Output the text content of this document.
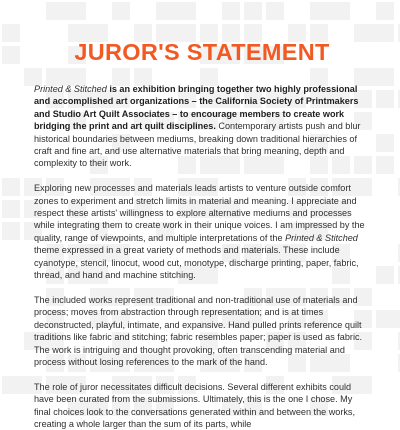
JUROR'S STATEMENT

Printed & Stitched is an exhibition bringing together two highly professional and accomplished art organizations – the California Society of Printmakers and Studio Art Quilt Associates – to encourage members to create work bridging the print and art quilt disciplines. Contemporary artists push and blur historical boundaries between mediums, breaking down traditional hierarchies of craft and fine art, and use alternative materials that bring meaning, depth and complexity to their work.

Exploring new processes and materials leads artists to venture outside comfort zones to experiment and stretch limits in material and meaning. I appreciate and respect these artists' willingness to explore alternative mediums and processes while integrating them to create work in their unique voices. I am impressed by the quality, range of viewpoints, and multiple interpretations of the Printed & Stitched theme expressed in a great variety of methods and materials. These include cyanotype, stencil, linocut, wood cut, monotype, discharge printing, paper, fabric, thread, and hand and machine stitching.

The included works represent traditional and non-traditional use of materials and process; moves from abstraction through representation; and is at times deconstructed, playful, intimate, and expansive. Hand pulled prints reference quilt traditions like fabric and stitching; fabric resembles paper; paper is used as fabric. The work is intriguing and thought provoking, often transcending material and process without losing references to the mark of the hand.

The role of juror necessitates difficult decisions. Several different exhibits could have been curated from the submissions. Ultimately, this is the one I chose. My final choices look to the conversations generated within and between the works, creating a whole larger than the sum of its parts, while
